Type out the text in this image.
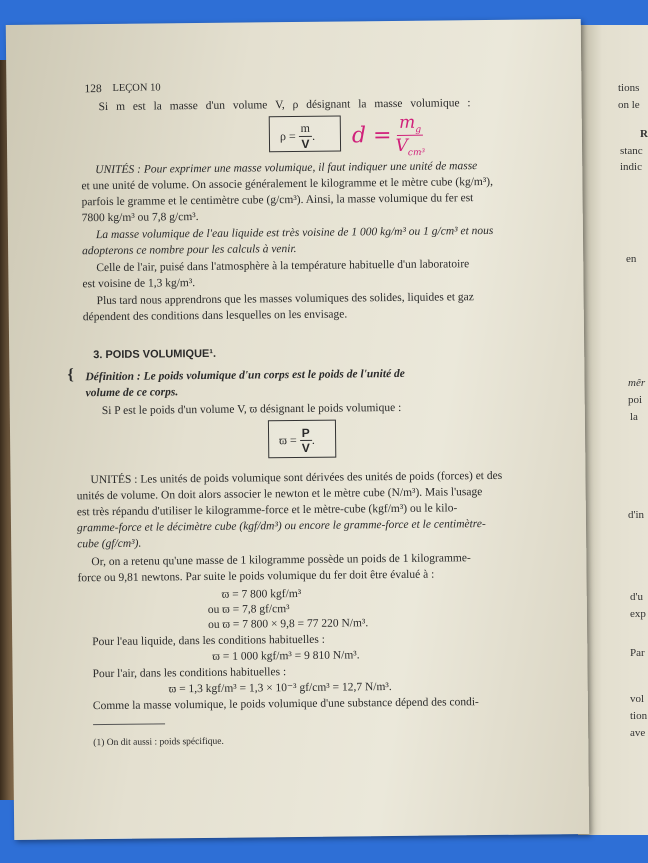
tions
on le
R
stanc
indic
en
mêr
poi
la
d'in
d'u
exp
Par
vol
tion
ave
128 LEÇON 10
Si m est la masse d'un volume V, ρ désignant la masse volumique :
$\rho = \frac{m}{V}$ . d =
$m_g$
$V_{cm^3}$
UNITÉS : Pour exprimer une masse volumique, il faut indiquer une unité de masse
et une unité de volume. On associe généralement le kilogramme et le mètre cube (kg/m³),
parfois le gramme et le centimètre cube (g/cm³). Ainsi, la masse volumique du fer est
7800 kg/m³ ou 7,8 g/cm³.
La masse volumique de l'eau liquide est très voisine de 1 000 kg/m³ ou 1 g/cm³ et nous
adopterons ce nombre pour les calculs à venir.
Celle de l'air, puisé dans l'atmosphère à la température habituelle d'un laboratoire
est voisine de 1,3 kg/m³.
Plus tard nous apprendrons que les masses volumiques des solides, liquides et gaz
dépendent des conditions dans lesquelles on les envisage.
3. POIDS VOLUMIQUE¹.
{ Définition : Le poids volumique d'un corps est le poids de l'unité de
volume de ce corps.
Si P est le poids d'un volume V, ϖ désignant le poids volumique :
$ϖ = \frac{P}{V}$ .
UNITÉS : Les unités de poids volumique sont dérivées des unités de poids (forces) et des
unités de volume. On doit alors associer le newton et le mètre cube (N/m³). Mais l'usage
est très répandu d'utiliser le kilogramme-force et le mètre-cube (kgf/m³) ou le kilo-
gramme-force et le décimètre cube (kgf/dm³) ou encore le gramme-force et le centimètre-
cube (gf/cm³).
Or, on a retenu qu'une masse de 1 kilogramme possède un poids de 1 kilogramme-
force ou 9,81 newtons. Par suite le poids volumique du fer doit être évalué à :
ϖ = 7 800 kgf/m³
ou ϖ = 7,8 gf/cm³
ou ϖ = 7 800 × 9,8 = 77 220 N/m³.
Pour l'eau liquide, dans les conditions habituelles :
ϖ = 1 000 kgf/m³ = 9 810 N/m³.
Pour l'air, dans les conditions habituelles :
ϖ = 1,3 kgf/m³ = 1,3 × 10⁻³ gf/cm³ = 12,7 N/m³.
Comme la masse volumique, le poids volumique d'une substance dépend des condi-
(1) On dit aussi : poids spécifique.
